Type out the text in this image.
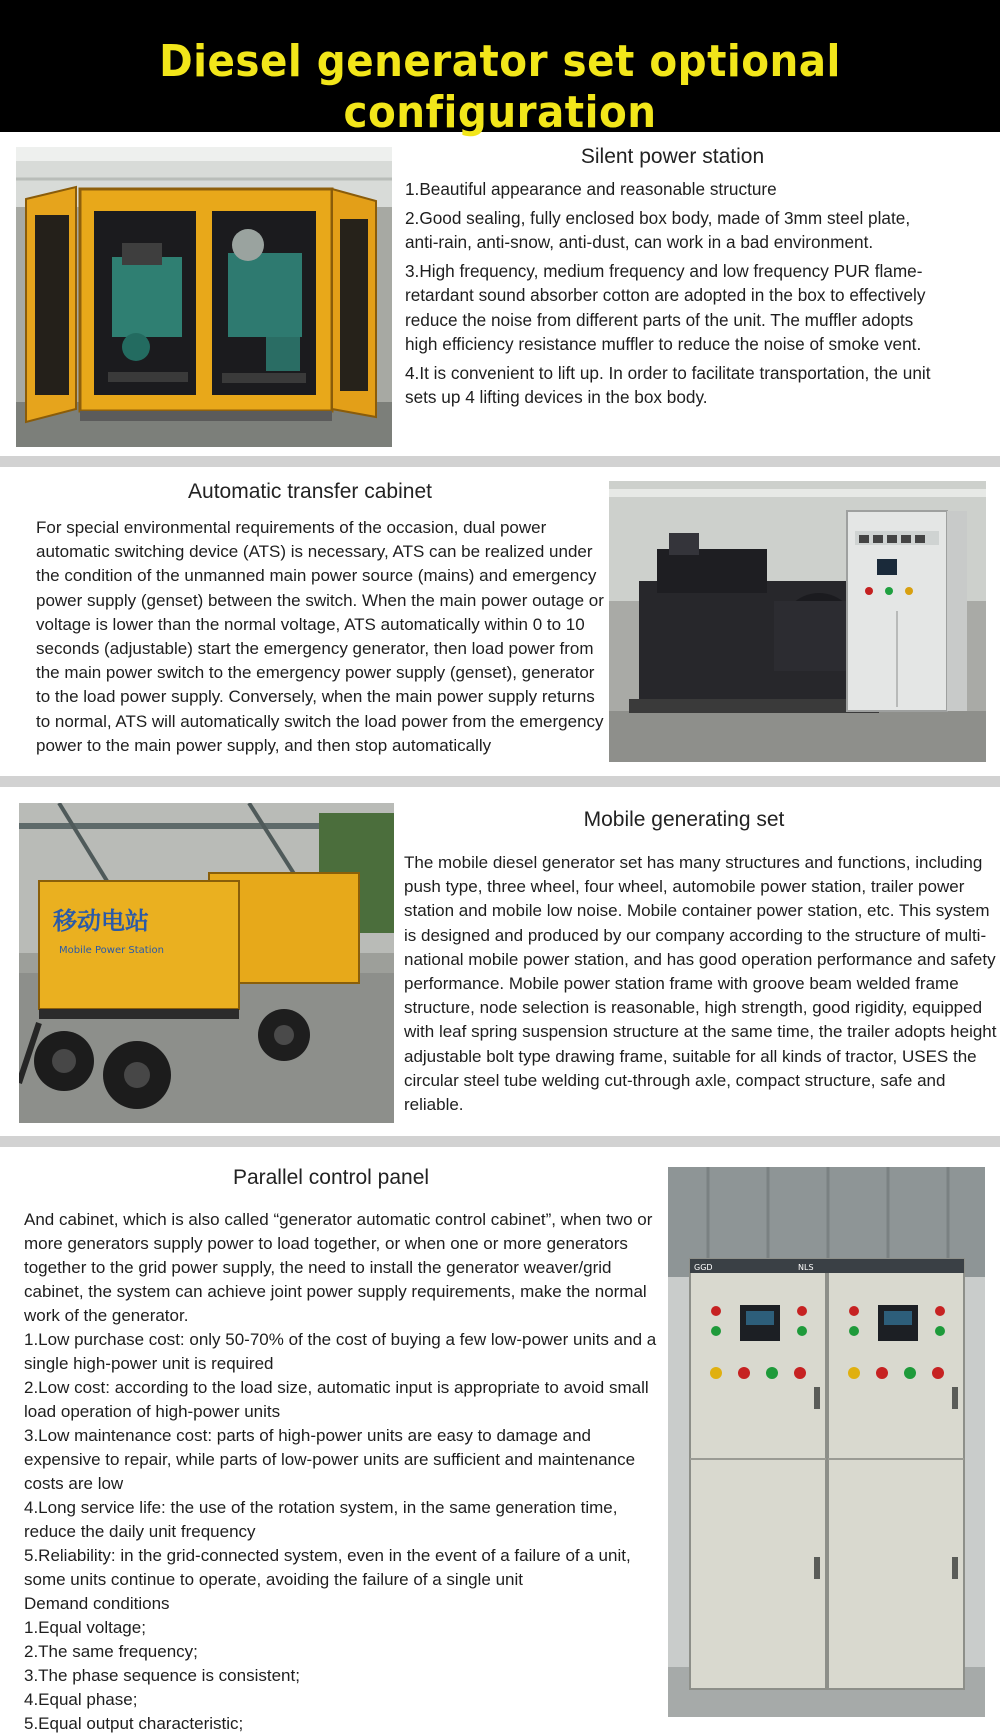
Diesel generator set optional configuration
Silent power station

1.Beautiful appearance and reasonable structure

2.Good sealing, fully enclosed box body, made of 3mm steel plate, anti-rain, anti-snow, anti-dust, can work in a bad environment.

3.High frequency, medium frequency and low frequency PUR flame-retardant sound absorber cotton are adopted in the box to effectively reduce the noise from different parts of the unit. The muffler adopts high efficiency resistance muffler to reduce the noise of smoke vent.

4.It is convenient to lift up. In order to facilitate transportation, the unit sets up 4 lifting devices in the box body.

Automatic transfer cabinet

For special environmental requirements of the occasion, dual power automatic switching device (ATS) is necessary, ATS can be realized under the condition of the unmanned main power source (mains) and emergency power supply (genset) between the switch. When the main power outage or voltage is lower than the normal voltage, ATS automatically within 0 to 10 seconds (adjustable) start the emergency generator, then load power from the main power switch to the emergency power supply (genset), generator to the load power supply. Conversely, when the main power supply returns to normal, ATS will automatically switch the load power from the emergency power to the main power supply, and then stop automatically

移动电站
Mobile Power Station
Mobile generating set

The mobile diesel generator set has many structures and functions, including push type, three wheel, four wheel, automobile power station, trailer power station and mobile low noise. Mobile container power station, etc. This system is designed and produced by our company according to the structure of multi-national mobile power station, and has good operation performance and safety performance. Mobile power station frame with groove beam welded frame structure, node selection is reasonable, high strength, good rigidity, equipped with leaf spring suspension structure at the same time, the trailer adopts height adjustable bolt type drawing frame, suitable for all kinds of tractor, USES the circular steel tube welding cut-through axle, compact structure, safe and reliable.

Parallel control panel

And cabinet, which is also called “generator automatic control cabinet”, when two or more generators supply power to load together, or when one or more generators together to the grid power supply, the need to install the generator weaver/grid cabinet, the system can achieve joint power supply requirements, make the normal work of the generator.

1.Low purchase cost: only 50-70% of the cost of buying a few low-power units and a single high-power unit is required

2.Low cost: according to the load size, automatic input is appropriate to avoid small load operation of high-power units

3.Low maintenance cost: parts of high-power units are easy to damage and expensive to repair, while parts of low-power units are sufficient and maintenance costs are low

4.Long service life: the use of the rotation system, in the same generation time, reduce the daily unit frequency

5.Reliability: in the grid-connected system, even in the event of a failure of a unit, some units continue to operate, avoiding the failure of a single unit

Demand conditions

1.Equal voltage;

2.The same frequency;

3.The phase sequence is consistent;

4.Equal phase;

5.Equal output characteristic;

GGD	NLS
